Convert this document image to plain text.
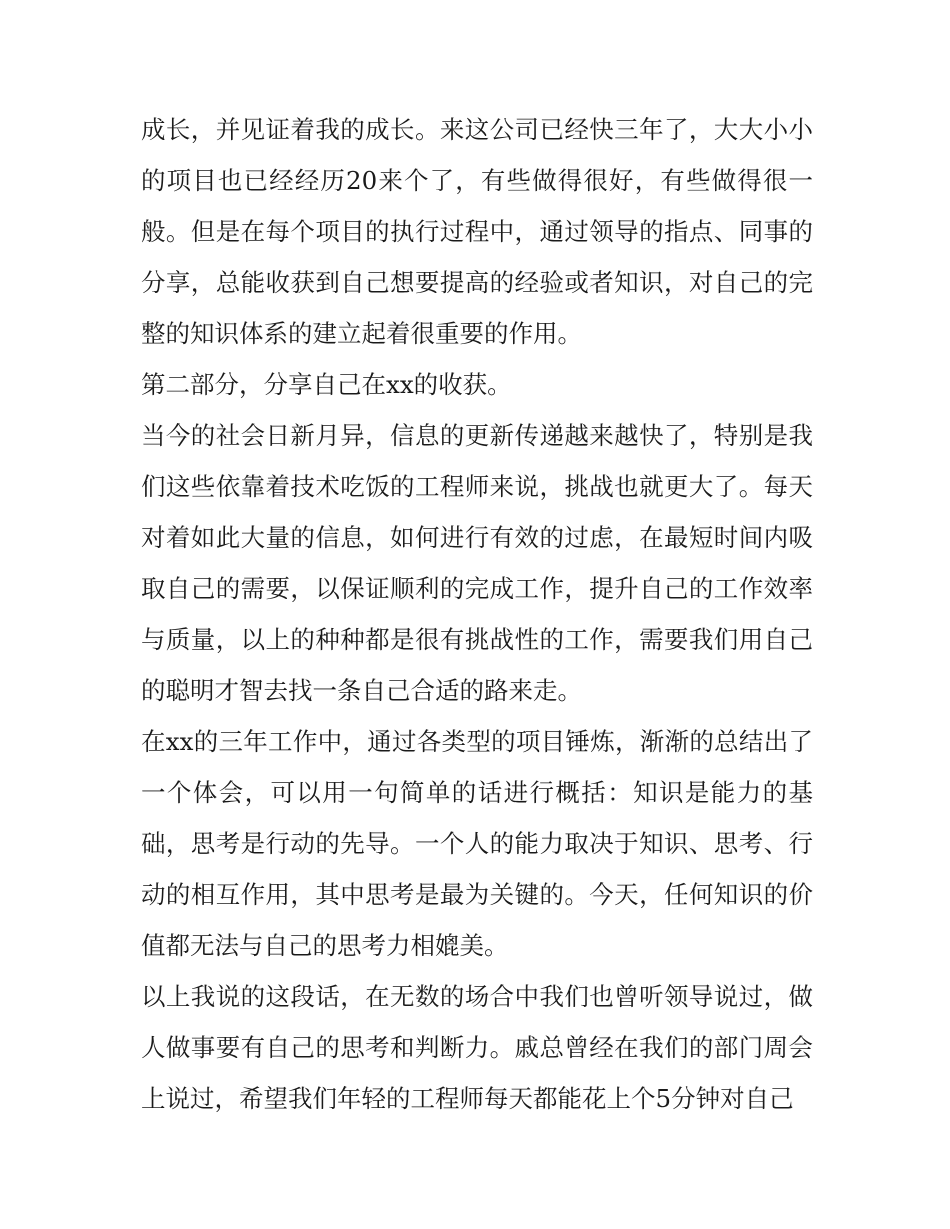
成长，并见证着我的成长。来这公司已经快三年了，大大小小的项目也已经经历20来个了，有些做得很好，有些做得很一般。但是在每个项目的执行过程中，通过领导的指点、同事的分享，总能收获到自己想要提高的经验或者知识，对自己的完整的知识体系的建立起着很重要的作用。

第二部分，分享自己在xx的收获。

当今的社会日新月异，信息的更新传递越来越快了，特别是我们这些依靠着技术吃饭的工程师来说，挑战也就更大了。每天对着如此大量的信息，如何进行有效的过虑，在最短时间内吸取自己的需要，以保证顺利的完成工作，提升自己的工作效率与质量，以上的种种都是很有挑战性的工作，需要我们用自己的聪明才智去找一条自己合适的路来走。

在xx的三年工作中，通过各类型的项目锤炼，渐渐的总结出了一个体会，可以用一句简单的话进行概括：知识是能力的基础，思考是行动的先导。一个人的能力取决于知识、思考、行动的相互作用，其中思考是最为关键的。今天，任何知识的价值都无法与自己的思考力相媲美。

以上我说的这段话，在无数的场合中我们也曾听领导说过，做人做事要有自己的思考和判断力。戚总曾经在我们的部门周会上说过，希望我们年轻的工程师每天都能花上个5分钟对自己
